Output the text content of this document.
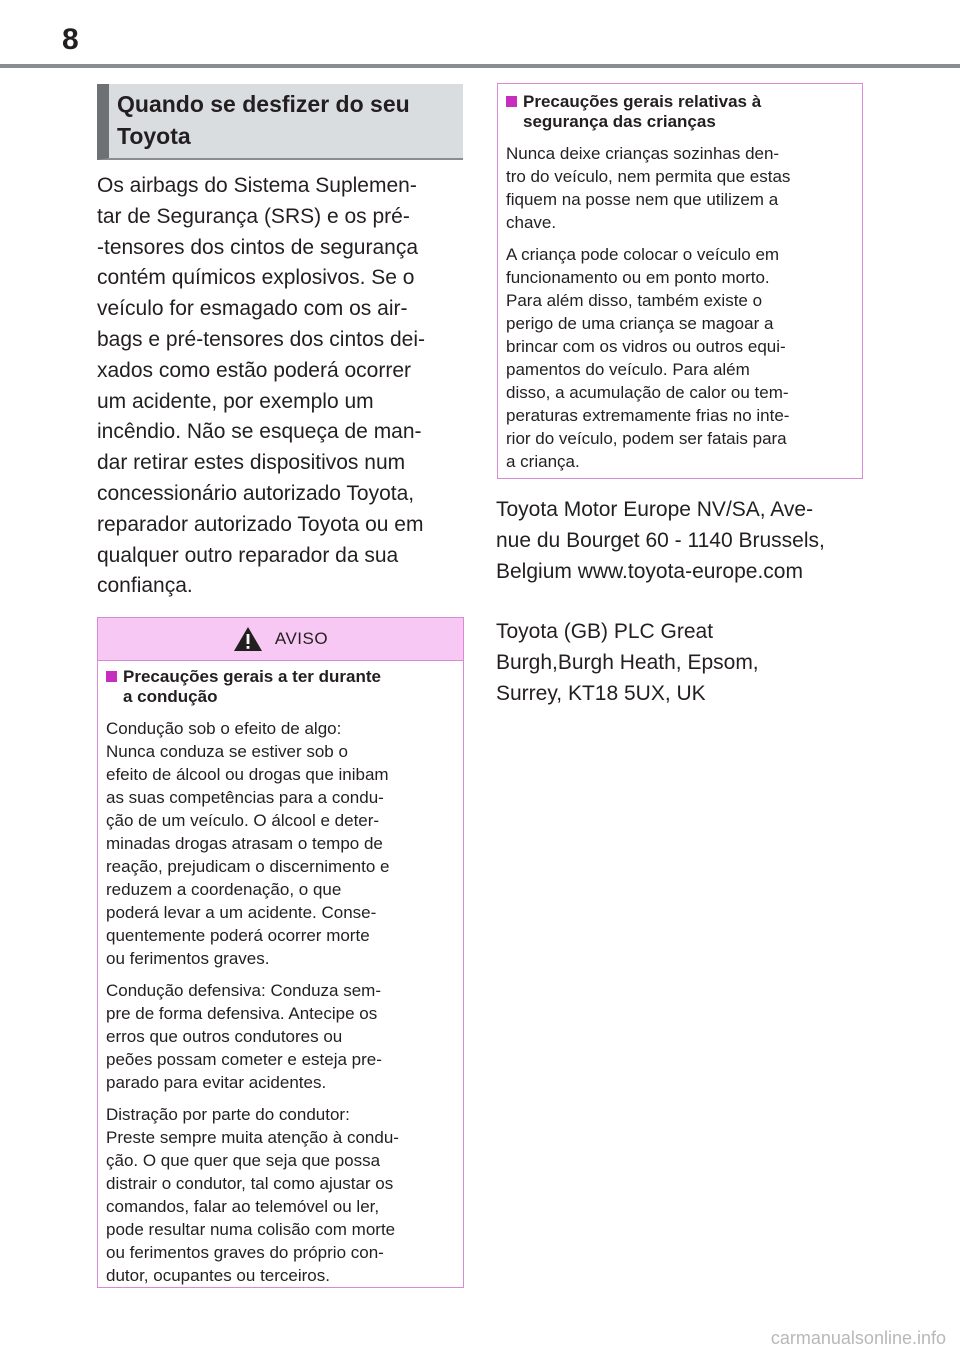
8
Quando se desfizer do seu
Toyota
Os airbags do Sistema Suplemen-
tar de Segurança (SRS) e os pré-
-tensores dos cintos de segurança
contém químicos explosivos. Se o
veículo for esmagado com os air-
bags e pré-tensores dos cintos dei-
xados como estão poderá ocorrer
um acidente, por exemplo um
incêndio. Não se esqueça de man-
dar retirar estes dispositivos num
concessionário autorizado Toyota,
reparador autorizado Toyota ou em
qualquer outro reparador da sua
confiança.
AVISO
Precauções gerais a ter durante
a condução
Condução sob o efeito de algo:
Nunca conduza se estiver sob o
efeito de álcool ou drogas que inibam
as suas competências para a condu-
ção de um veículo. O álcool e deter-
minadas drogas atrasam o tempo de
reação, prejudicam o discernimento e
reduzem a coordenação, o que
poderá levar a um acidente. Conse-
quentemente poderá ocorrer morte
ou ferimentos graves.
Condução defensiva: Conduza sem-
pre de forma defensiva. Antecipe os
erros que outros condutores ou
peões possam cometer e esteja pre-
parado para evitar acidentes.
Distração por parte do condutor:
Preste sempre muita atenção à condu-
ção. O que quer que seja que possa
distrair o condutor, tal como ajustar os
comandos, falar ao telemóvel ou ler,
pode resultar numa colisão com morte
ou ferimentos graves do próprio con-
dutor, ocupantes ou terceiros.
Precauções gerais relativas à
segurança das crianças
Nunca deixe crianças sozinhas den-
tro do veículo, nem permita que estas
fiquem na posse nem que utilizem a
chave.
A criança pode colocar o veículo em
funcionamento ou em ponto morto.
Para além disso, também existe o
perigo de uma criança se magoar a
brincar com os vidros ou outros equi-
pamentos do veículo. Para além
disso, a acumulação de calor ou tem-
peraturas extremamente frias no inte-
rior do veículo, podem ser fatais para
a criança.
Toyota Motor Europe NV/SA, Ave-
nue du Bourget 60 - 1140 Brussels,
Belgium www.toyota-europe.com
Toyota (GB) PLC Great
Burgh,Burgh Heath, Epsom,
Surrey, KT18 5UX, UK
carmanualsonline.info
